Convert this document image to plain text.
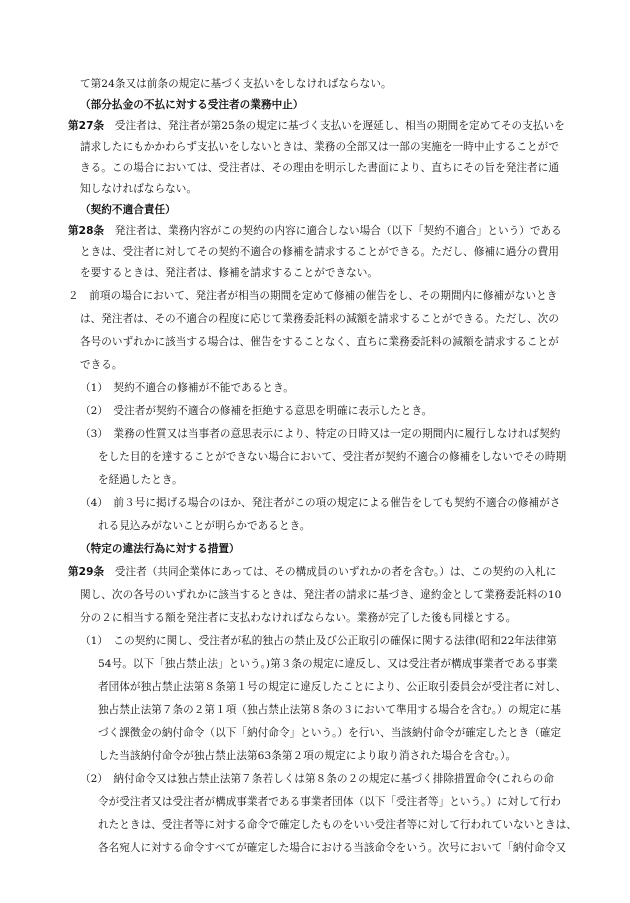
て第24条又は前条の規定に基づく支払いをしなければならない。
（部分払金の不払に対する受注者の業務中止）
第27条　 受注者は、発注者が第25条の規定に基づく支払いを遅延し、相当の期間を定めてその支払いを
請求したにもかかわらず支払いをしないときは、業務の全部又は一部の実施を一時中止することがで
きる。この場合においては、受注者は、その理由を明示した書面により、直ちにその旨を発注者に通
知しなければならない。
（契約不適合責任）
第28条　 発注者は、業務内容がこの契約の内容に適合しない場合（以下「契約不適合」という）である
ときは、受注者に対してその契約不適合の修補を請求することができる。ただし、修補に過分の費用
を要するときは、発注者は、修補を請求することができない。
２　前項の場合において、発注者が相当の期間を定めて修補の催告をし、その期間内に修補がないとき
は、発注者は、その不適合の程度に応じて業務委託料の減額を請求することができる。ただし、次の
各号のいずれかに該当する場合は、催告をすることなく、直ちに業務委託料の減額を請求することが
できる。
（1）　契約不適合の修補が不能であるとき。
（2）　受注者が契約不適合の修補を拒絶する意思を明確に表示したとき。
（3）　業務の性質又は当事者の意思表示により、特定の日時又は一定の期間内に履行しなければ契約
をした目的を達することができない場合において、受注者が契約不適合の修補をしないでその時期
を経過したとき。
（4）　前３号に掲げる場合のほか、発注者がこの項の規定による催告をしても契約不適合の修補がさ
れる見込みがないことが明らかであるとき。
（特定の違法行為に対する措置）
第29条　 受注者（共同企業体にあっては、その構成員のいずれかの者を含む。）は、この契約の入札に
関し、次の各号のいずれかに該当するときは、発注者の請求に基づき、違約金として業務委託料の10
分の２に相当する額を発注者に支払わなければならない。業務が完了した後も同様とする。
（1）　この契約に関し、受注者が私的独占の禁止及び公正取引の確保に関する法律(昭和22年法律第
54号。以下「独占禁止法」という。)第３条の規定に違反し、又は受注者が構成事業者である事業
者団体が独占禁止法第８条第１号の規定に違反したことにより、公正取引委員会が受注者に対し、
独占禁止法第７条の２第１項（独占禁止法第８条の３において準用する場合を含む。）の規定に基
づく課徴金の納付命令（以下「納付命令」という。）を行い、当該納付命令が確定したとき（確定
した当該納付命令が独占禁止法第63条第２項の規定により取り消された場合を含む。）。
（2）　納付命令又は独占禁止法第７条若しくは第８条の２の規定に基づく排除措置命令(これらの命
令が受注者又は受注者が構成事業者である事業者団体（以下「受注者等」という。）に対して行わ
れたときは、受注者等に対する命令で確定したものをいい受注者等に対して行われていないときは、
各名宛人に対する命令すべてが確定した場合における当該命令をいう。次号において「納付命令又
